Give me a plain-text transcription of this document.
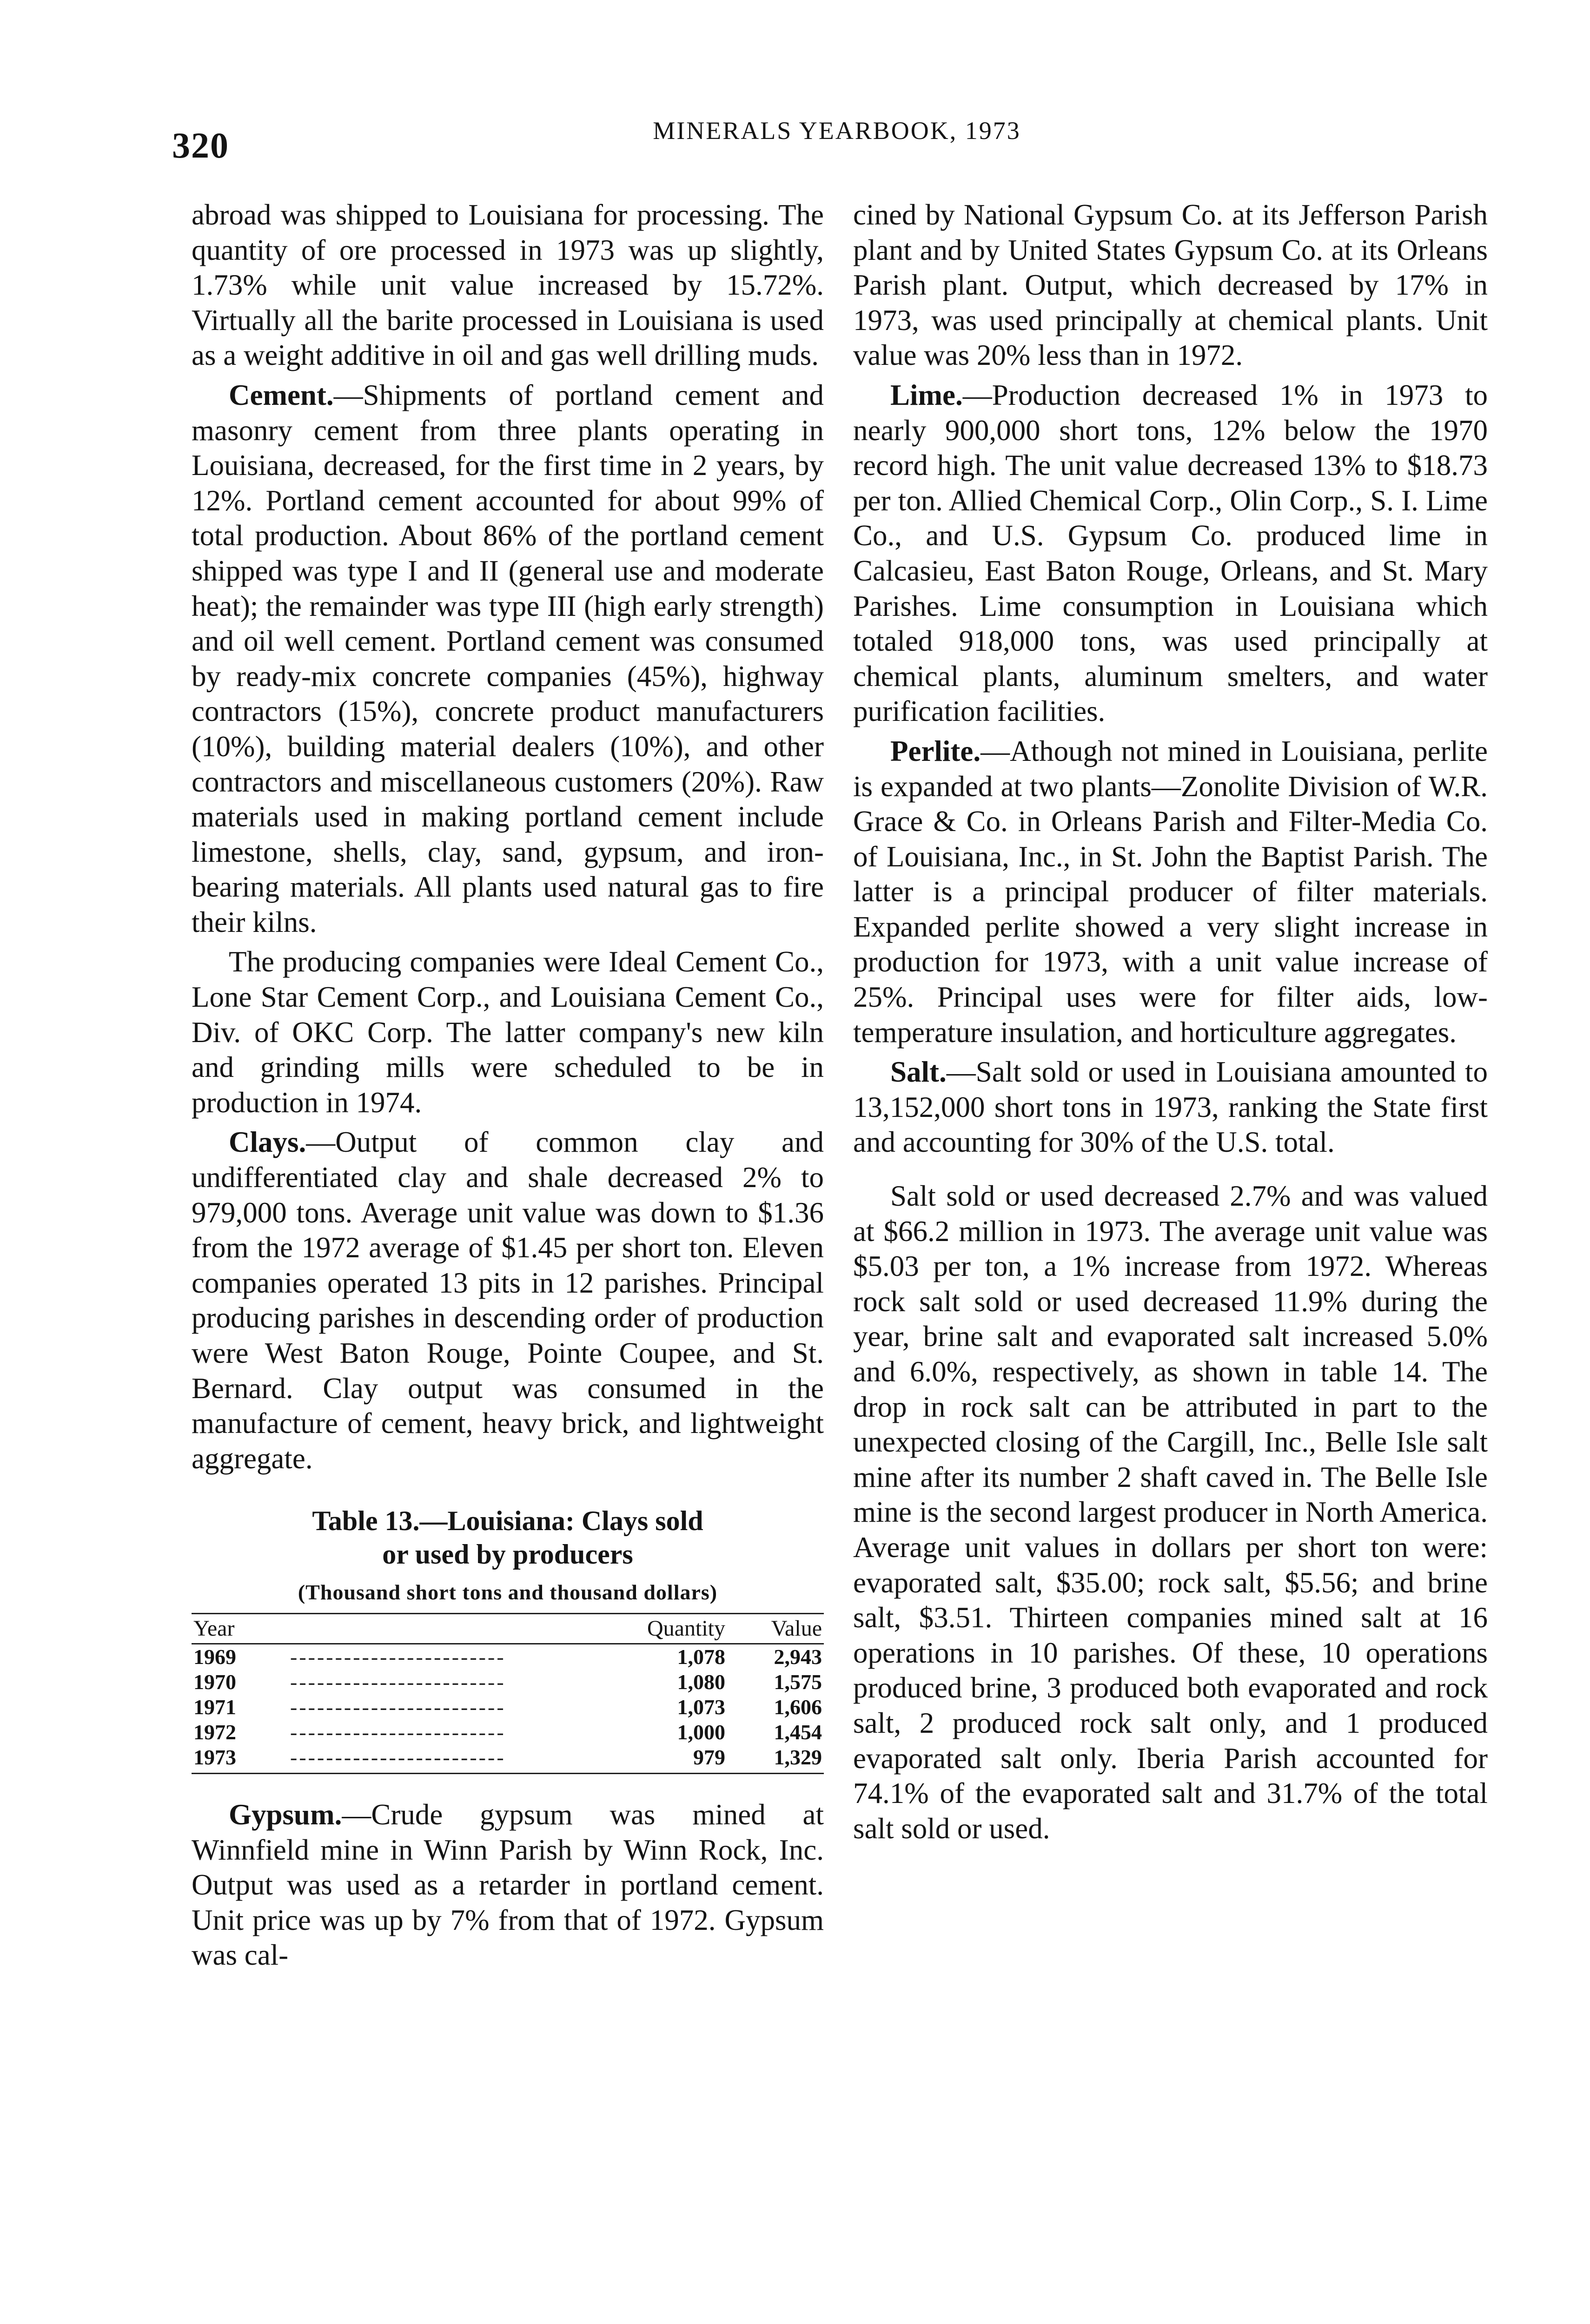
320	MINERALS YEARBOOK, 1973

abroad was shipped to Louisiana for processing. The quantity of ore processed in 1973 was up slightly, 1.73% while unit value increased by 15.72%. Virtually all the barite processed in Louisiana is used as a weight additive in oil and gas well drilling muds.

Cement.—Shipments of portland cement and masonry cement from three plants operating in Louisiana, decreased, for the first time in 2 years, by 12%. Portland cement accounted for about 99% of total production. About 86% of the portland cement shipped was type I and II (general use and moderate heat); the remainder was type III (high early strength) and oil well cement. Portland cement was consumed by ready-mix concrete companies (45%), highway contractors (15%), concrete product manufacturers (10%), building material dealers (10%), and other contractors and miscellaneous customers (20%). Raw materials used in making portland cement include limestone, shells, clay, sand, gypsum, and iron-bearing materials. All plants used natural gas to fire their kilns.

The producing companies were Ideal Cement Co., Lone Star Cement Corp., and Louisiana Cement Co., Div. of OKC Corp. The latter company's new kiln and grinding mills were scheduled to be in production in 1974.

Clays.—Output of common clay and undifferentiated clay and shale decreased 2% to 979,000 tons. Average unit value was down to $1.36 from the 1972 average of $1.45 per short ton. Eleven companies operated 13 pits in 12 parishes. Principal producing parishes in descending order of production were West Baton Rouge, Pointe Coupee, and St. Bernard. Clay output was consumed in the manufacture of cement, heavy brick, and lightweight aggregate.

Table 13.—Louisiana: Clays sold
or used by producers
(Thousand short tons and thousand dollars)
Year		Quantity	Value
1969	------------------------	1,078	2,943
1970	------------------------	1,080	1,575
1971	------------------------	1,073	1,606
1972	------------------------	1,000	1,454
1973	------------------------	979	1,329

Gypsum.—Crude gypsum was mined at Winnfield mine in Winn Parish by Winn Rock, Inc. Output was used as a retarder in portland cement. Unit price was up by 7% from that of 1972. Gypsum was cal-

cined by National Gypsum Co. at its Jefferson Parish plant and by United States Gypsum Co. at its Orleans Parish plant. Output, which decreased by 17% in 1973, was used principally at chemical plants. Unit value was 20% less than in 1972.

Lime.—Production decreased 1% in 1973 to nearly 900,000 short tons, 12% below the 1970 record high. The unit value decreased 13% to $18.73 per ton. Allied Chemical Corp., Olin Corp., S. I. Lime Co., and U.S. Gypsum Co. produced lime in Calcasieu, East Baton Rouge, Orleans, and St. Mary Parishes. Lime consumption in Louisiana which totaled 918,000 tons, was used principally at chemical plants, aluminum smelters, and water purification facilities.

Perlite.—Athough not mined in Louisiana, perlite is expanded at two plants—Zonolite Division of W.R. Grace & Co. in Orleans Parish and Filter-Media Co. of Louisiana, Inc., in St. John the Baptist Parish. The latter is a principal producer of filter materials. Expanded perlite showed a very slight increase in production for 1973, with a unit value increase of 25%. Principal uses were for filter aids, low-temperature insulation, and horticulture aggregates.

Salt.—Salt sold or used in Louisiana amounted to 13,152,000 short tons in 1973, ranking the State first and accounting for 30% of the U.S. total.

Salt sold or used decreased 2.7% and was valued at $66.2 million in 1973. The average unit value was $5.03 per ton, a 1% increase from 1972. Whereas rock salt sold or used decreased 11.9% during the year, brine salt and evaporated salt increased 5.0% and 6.0%, respectively, as shown in table 14. The drop in rock salt can be attributed in part to the unexpected closing of the Cargill, Inc., Belle Isle salt mine after its number 2 shaft caved in. The Belle Isle mine is the second largest producer in North America. Average unit values in dollars per short ton were: evaporated salt, $35.00; rock salt, $5.56; and brine salt, $3.51. Thirteen companies mined salt at 16 operations in 10 parishes. Of these, 10 operations produced brine, 3 produced both evaporated and rock salt, 2 produced rock salt only, and 1 produced evaporated salt only. Iberia Parish accounted for 74.1% of the evaporated salt and 31.7% of the total salt sold or used.
